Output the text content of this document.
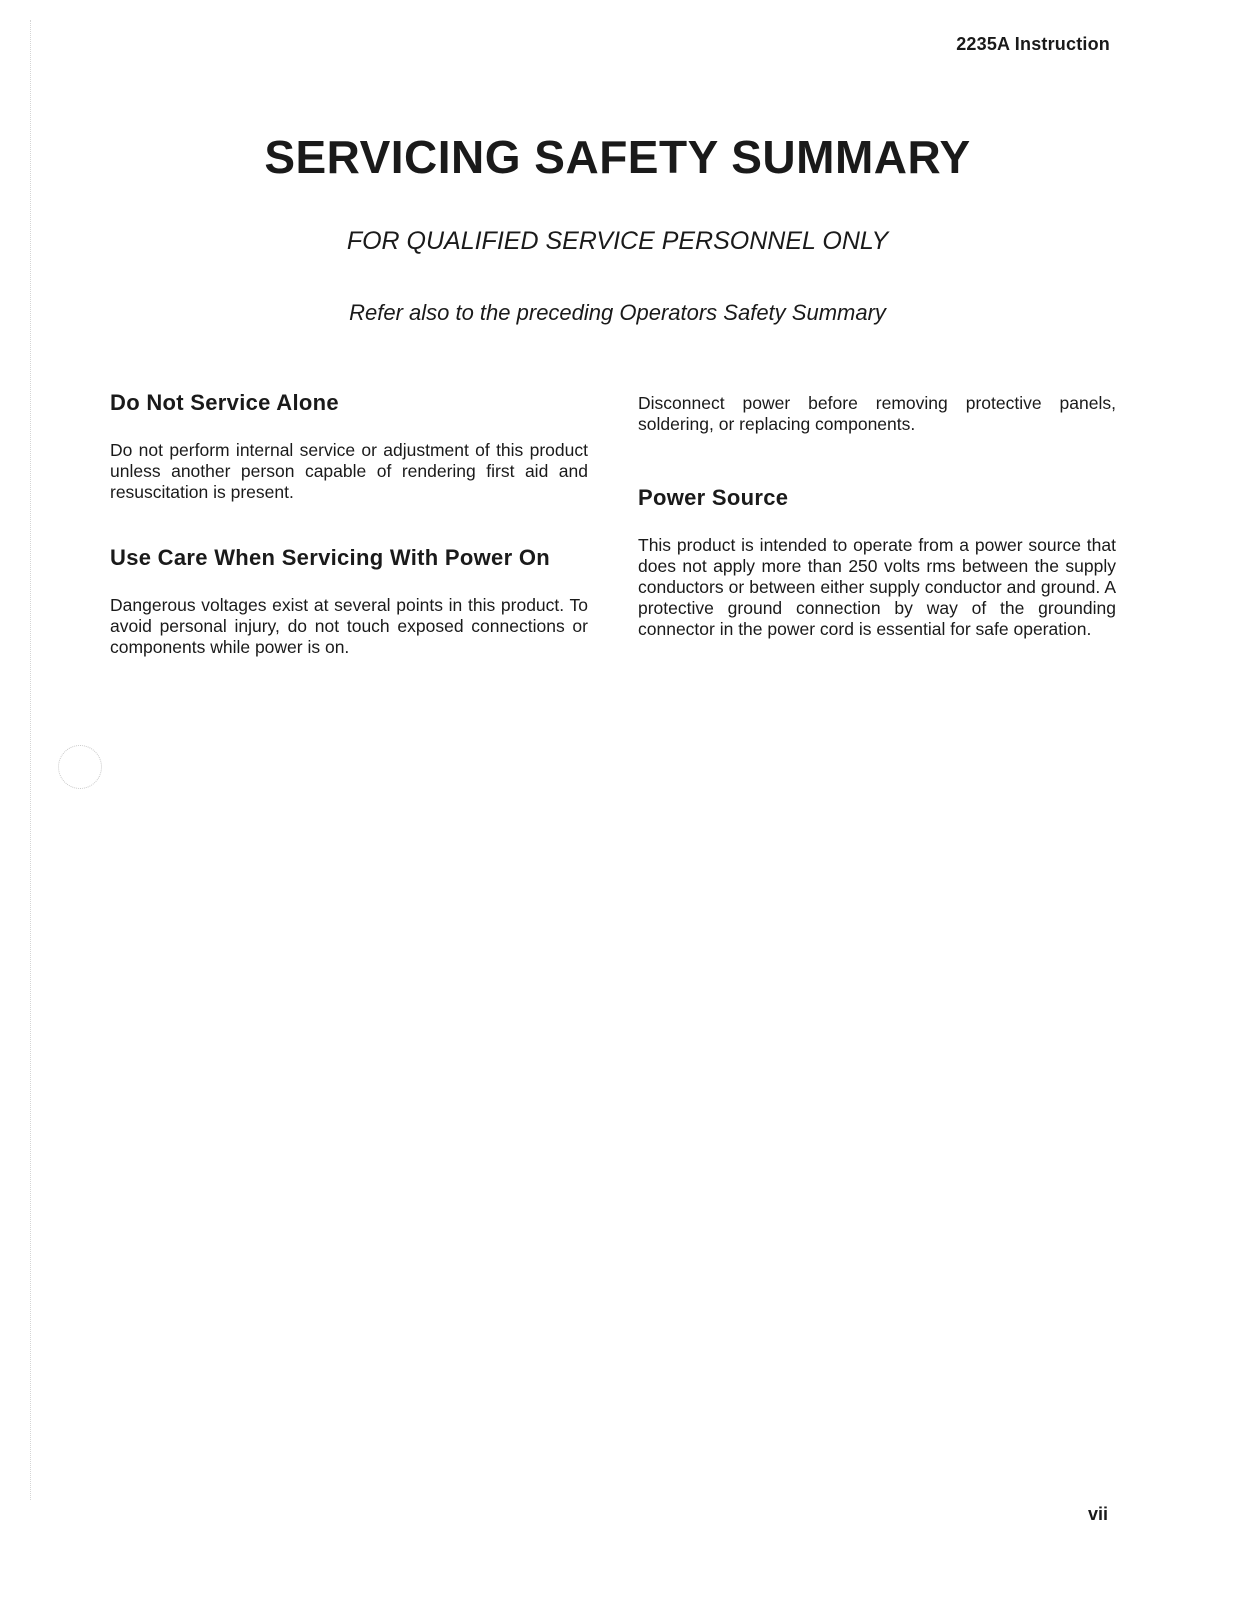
2235A Instruction
SERVICING SAFETY SUMMARY

FOR QUALIFIED SERVICE PERSONNEL ONLY

Refer also to the preceding Operators Safety Summary

Do Not Service Alone

Do not perform internal service or adjustment of this product unless another person capable of rendering first aid and resuscitation is present.

Use Care When Servicing With Power On

Dangerous voltages exist at several points in this product. To avoid personal injury, do not touch exposed connections or components while power is on.

Disconnect power before removing protective panels, soldering, or replacing components.

Power Source

This product is intended to operate from a power source that does not apply more than 250 volts rms between the supply conductors or between either supply conductor and ground. A protective ground connection by way of the grounding connector in the power cord is essential for safe operation.

vii
